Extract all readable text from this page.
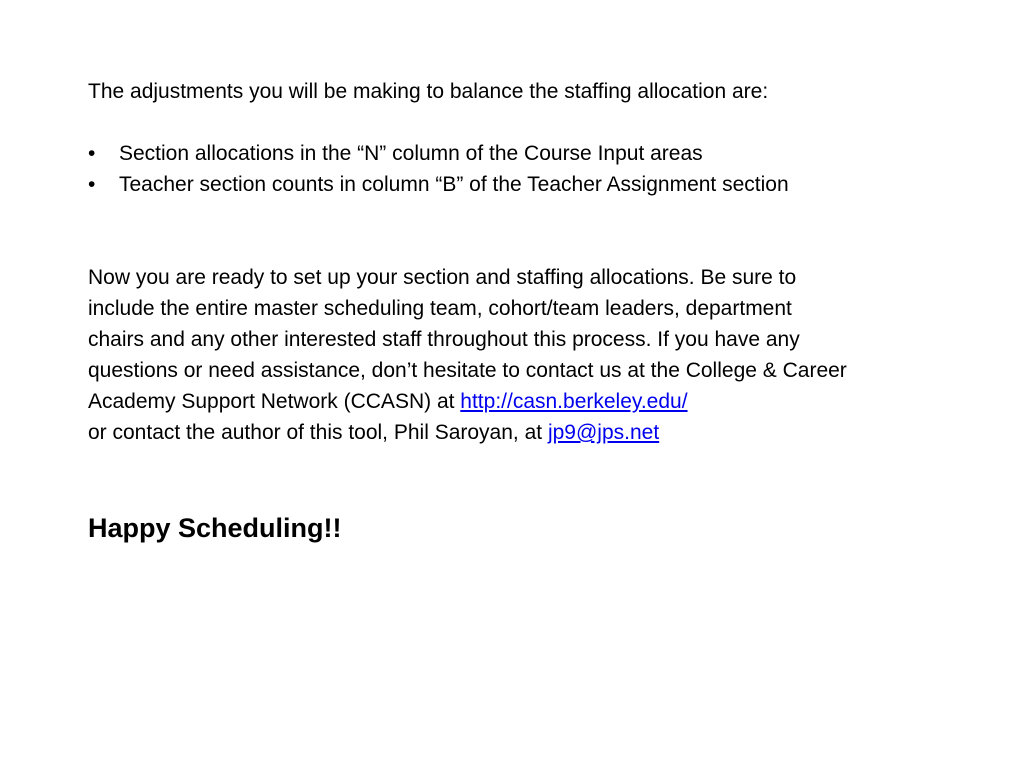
The adjustments you will be making to balance the staffing allocation are:

• Section allocations in the “N” column of the Course Input areas
• Teacher section counts in column “B” of the Teacher Assignment section
Now you are ready to set up your section and staffing allocations. Be sure to
include the entire master scheduling team, cohort/team leaders, department
chairs and any other interested staff throughout this process. If you have any
questions or need assistance, don’t hesitate to contact us at the College & Career
Academy Support Network (CCASN) at http://casn.berkeley.edu/
or contact the author of this tool, Phil Saroyan, at jp9@jps.net

Happy Scheduling!!
